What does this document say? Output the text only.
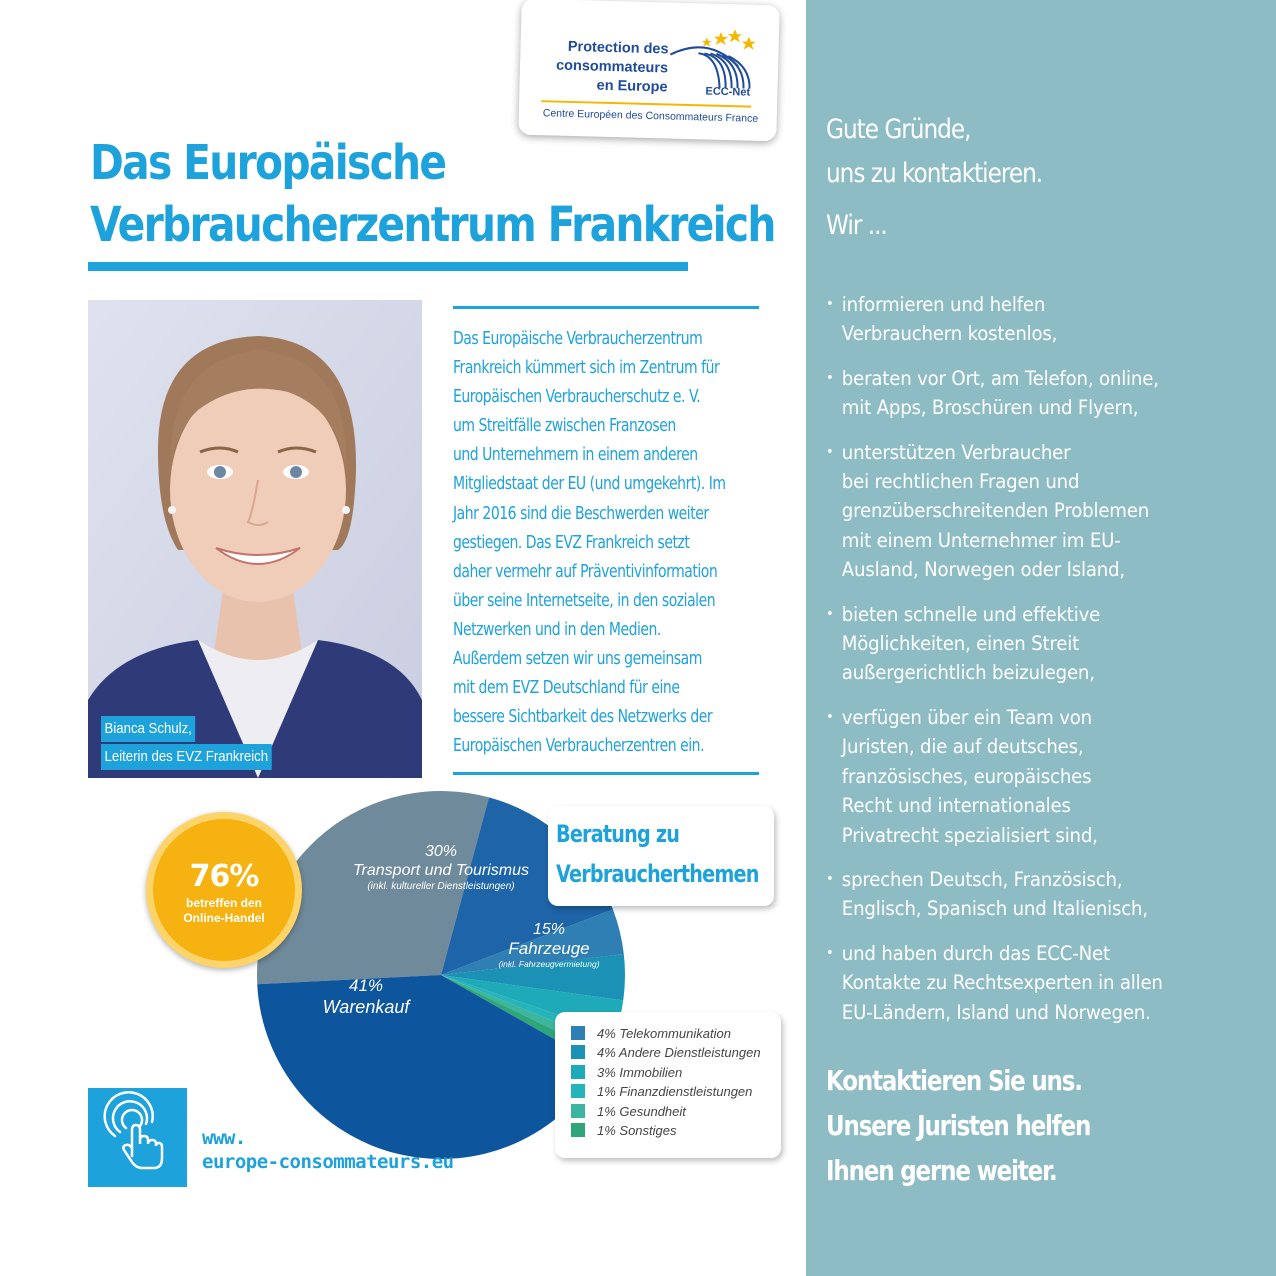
Protection des
consommateurs
en Europe	ECC-Net
Centre Européen des Consommateurs France
Das Europäische
Verbraucherzentrum Frankreich
Bianca Schulz,
Leiterin des EVZ Frankreich
Das Europäische Verbraucherzentrum
Frankreich kümmert sich im Zentrum für
Europäischen Verbraucherschutz e. V.
um Streitfälle zwischen Franzosen
und Unternehmern in einem anderen
Mitgliedstaat der EU (und umgekehrt). Im
Jahr 2016 sind die Beschwerden weiter
gestiegen. Das EVZ Frankreich setzt
daher vermehr auf Präventivinformation
über seine Internetseite, in den sozialen
Netzwerken und in den Medien.
Außerdem setzen wir uns gemeinsam
mit dem EVZ Deutschland für eine
bessere Sichtbarkeit des Netzwerks der
Europäischen Verbraucherzentren ein.
30%
Transport und Tourismus
(inkl. kultureller Dienstleistungen)
15%
Fahrzeuge
(inkl. Fahrzeugvermietung)
41%
Warenkauf
76%
betreffen den
Online-Handel
Beratung zu
Verbraucherthemen
4% Telekommunikation
4% Andere Dienstleistungen
3% Immobilien
1% Finanzdienstleistungen
1% Gesundheit
1% Sonstiges
www.
europe-consommateurs.eu
Gute Gründe,
uns zu kontaktieren.
Wir ...
• informieren und helfen
Verbrauchern kostenlos,
• beraten vor Ort, am Telefon, online,
mit Apps, Broschüren und Flyern,
• unterstützen Verbraucher
bei rechtlichen Fragen und
grenzüberschreitenden Problemen
mit einem Unternehmer im EU-
Ausland, Norwegen oder Island,
• bieten schnelle und effektive
Möglichkeiten, einen Streit
außergerichtlich beizulegen,
• verfügen über ein Team von
Juristen, die auf deutsches,
französisches, europäisches
Recht und internationales
Privatrecht spezialisiert sind,
• sprechen Deutsch, Französisch,
Englisch, Spanisch und Italienisch,
• und haben durch das ECC-Net
Kontakte zu Rechtsexperten in allen
EU-Ländern, Island und Norwegen.
Kontaktieren Sie uns.
Unsere Juristen helfen
Ihnen gerne weiter.
